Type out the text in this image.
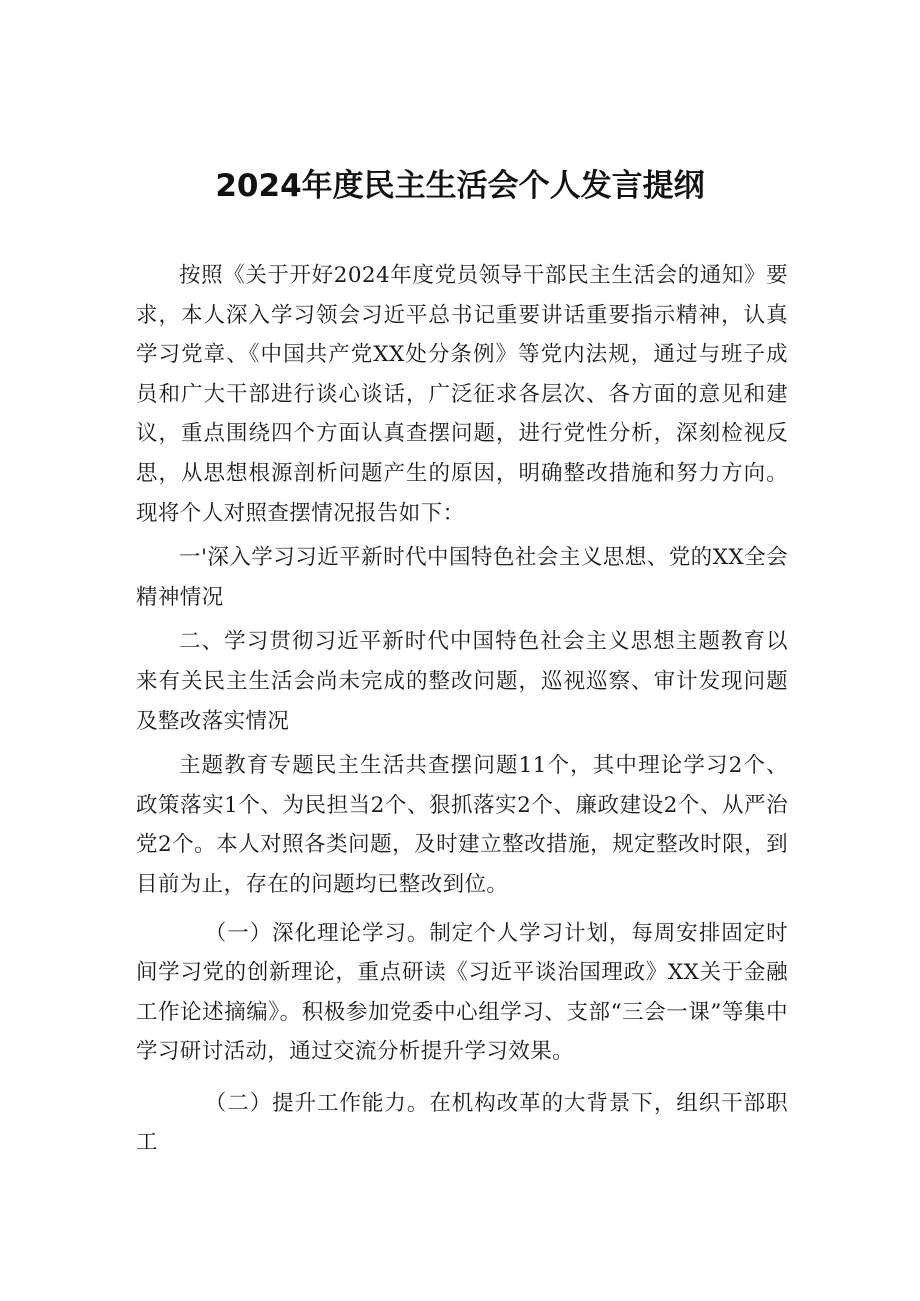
2024年度民主生活会个人发言提纲

按照《关于开好2024年度党员领导干部民主生活会的通知》要求，本人深入学习领会习近平总书记重要讲话重要指示精神，认真学习党章、《中国共产党XX处分条例》等党内法规，通过与班子成员和广大干部进行谈心谈话，广泛征求各层次、各方面的意见和建议，重点围绕四个方面认真查摆问题，进行党性分析，深刻检视反思，从思想根源剖析问题产生的原因，明确整改措施和努力方向。现将个人对照查摆情况报告如下：

一'深入学习习近平新时代中国特色社会主义思想、党的XX全会精神情况

二、学习贯彻习近平新时代中国特色社会主义思想主题教育以来有关民主生活会尚未完成的整改问题，巡视巡察、审计发现问题及整改落实情况

主题教育专题民主生活共查摆问题11个，其中理论学习2个、政策落实1个、为民担当2个、狠抓落实2个、廉政建设2个、从严治党2个。本人对照各类问题，及时建立整改措施，规定整改时限，到目前为止，存在的问题均已整改到位。

（一）深化理论学习。制定个人学习计划，每周安排固定时间学习党的创新理论，重点研读《习近平谈治国理政》XX关于金融工作论述摘编》。积极参加党委中心组学习、支部“三会一课”等集中学习研讨活动，通过交流分析提升学习效果。

（二）提升工作能力。在机构改革的大背景下，组织干部职工
